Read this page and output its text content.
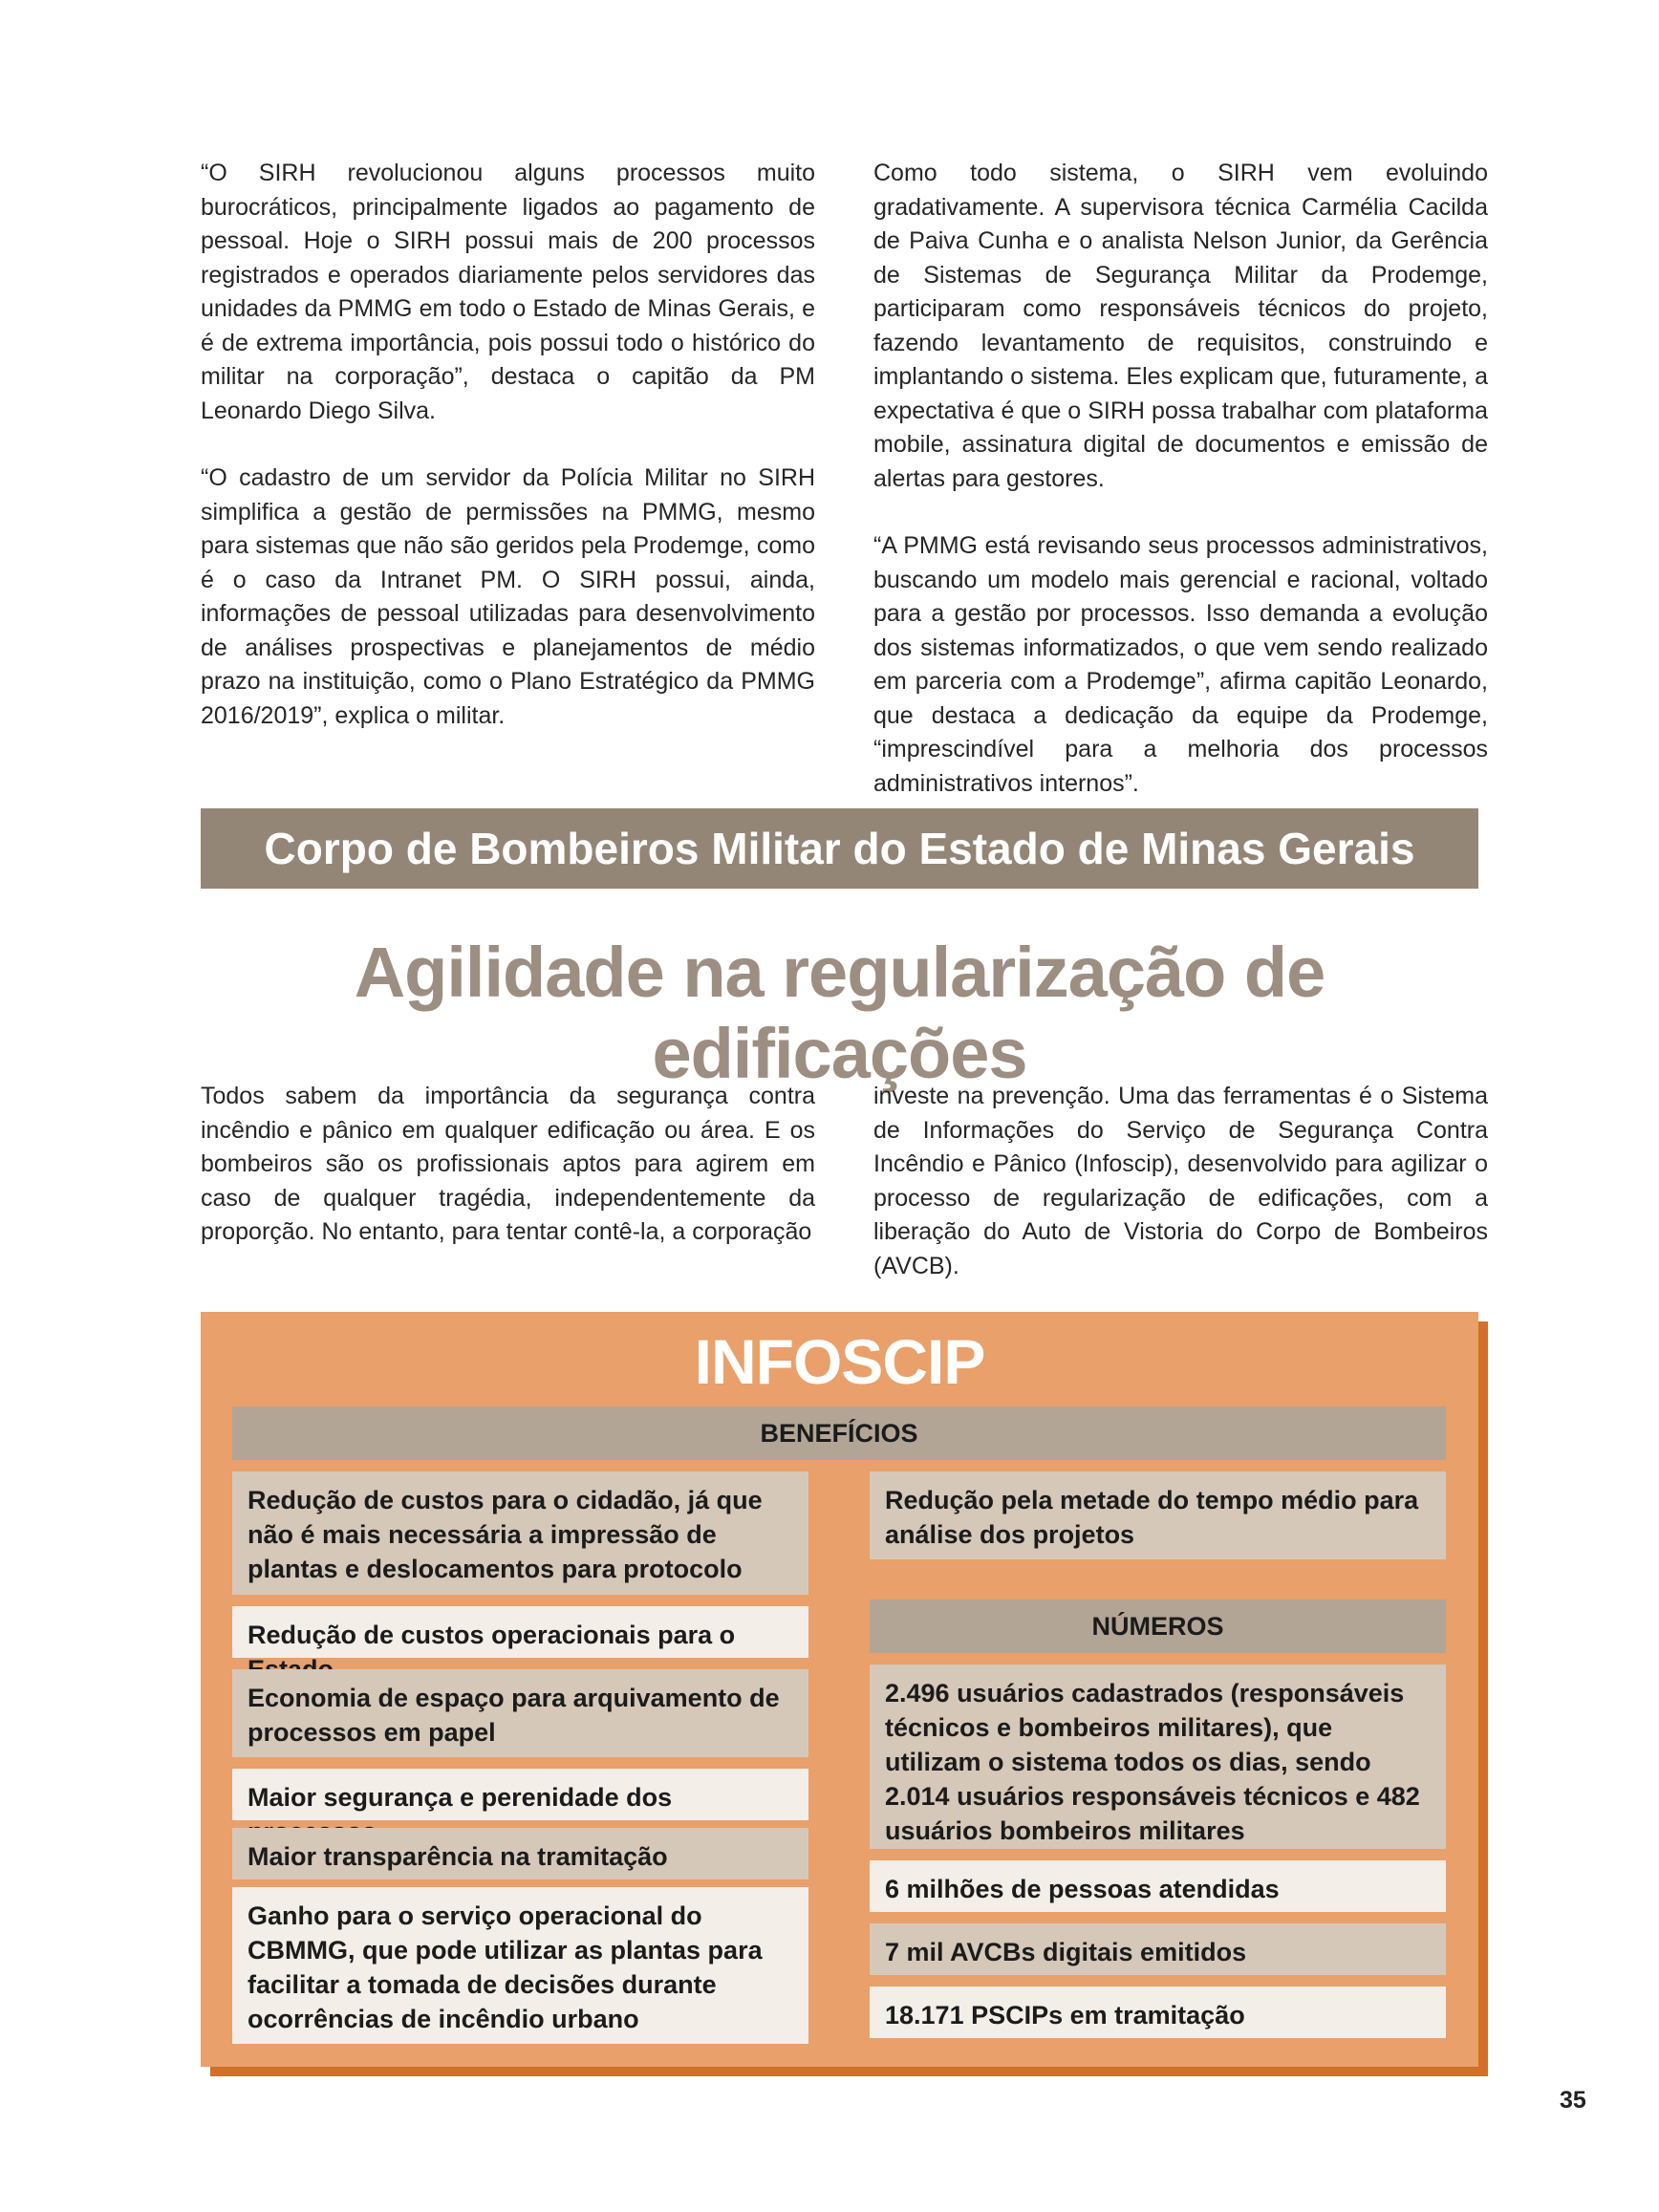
“O SIRH revolucionou alguns processos muito burocráticos, principalmente ligados ao pagamento de pessoal. Hoje o SIRH possui mais de 200 processos registrados e operados diariamente pelos servidores das unidades da PMMG em todo o Estado de Minas Gerais, e é de extrema importância, pois possui todo o histórico do militar na corporação”, destaca o capitão da PM Leonardo Diego Silva.

“O cadastro de um servidor da Polícia Militar no SIRH simplifica a gestão de permissões na PMMG, mesmo para sistemas que não são geridos pela Prodemge, como é o caso da Intranet PM. O SIRH possui, ainda, informações de pessoal utilizadas para desenvolvimento de análises prospectivas e planejamentos de médio prazo na instituição, como o Plano Estratégico da PMMG 2016/2019”, explica o militar.

Como todo sistema, o SIRH vem evoluindo gradativamente. A supervisora técnica Carmélia Cacilda de Paiva Cunha e o analista Nelson Junior, da Gerência de Sistemas de Segurança Militar da Prodemge, participaram como responsáveis técnicos do projeto, fazendo levantamento de requisitos, construindo e implantando o sistema. Eles explicam que, futuramente, a expectativa é que o SIRH possa trabalhar com plataforma mobile, assinatura digital de documentos e emissão de alertas para gestores.

“A PMMG está revisando seus processos administrativos, buscando um modelo mais gerencial e racional, voltado para a gestão por processos. Isso demanda a evolução dos sistemas informatizados, o que vem sendo realizado em parceria com a Prodemge”, afirma capitão Leonardo, que destaca a dedicação da equipe da Prodemge, “imprescindível para a melhoria dos processos administrativos internos”.

Corpo de Bombeiros Militar do Estado de Minas Gerais
Agilidade na regularização de edificações

Todos sabem da importância da segurança contra incêndio e pânico em qualquer edificação ou área. E os bombeiros são os profissionais aptos para agirem em caso de qualquer tragédia, independentemente da proporção. No entanto, para tentar contê-la, a corporação

investe na prevenção. Uma das ferramentas é o Sistema de Informações do Serviço de Segurança Contra Incêndio e Pânico (Infoscip), desenvolvido para agilizar o processo de regularização de edificações, com a liberação do Auto de Vistoria do Corpo de Bombeiros (AVCB).

INFOSCIP
BENEFÍCIOS
Redução de custos para o cidadão, já que não é mais necessária a impressão de plantas e deslocamentos para protocolo
Redução de custos operacionais para o
Economia de espaço para arquivamento de processos em papel
Maior segurança e perenidade dos
Maior transparência na tramitação
Ganho para o serviço operacional do CBMMG, que pode utilizar as plantas para facilitar a tomada de decisões durante ocorrências de incêndio urbano
Redução pela metade do tempo médio para análise dos projetos
NÚMEROS
2.496 usuários cadastrados (responsáveis técnicos e bombeiros militares), que utilizam o sistema todos os dias, sendo 2.014 usuários responsáveis técnicos e 482 usuários bombeiros militares
6 milhões de pessoas atendidas
7 mil AVCBs digitais emitidos
18.171 PSCIPs em tramitação
35
